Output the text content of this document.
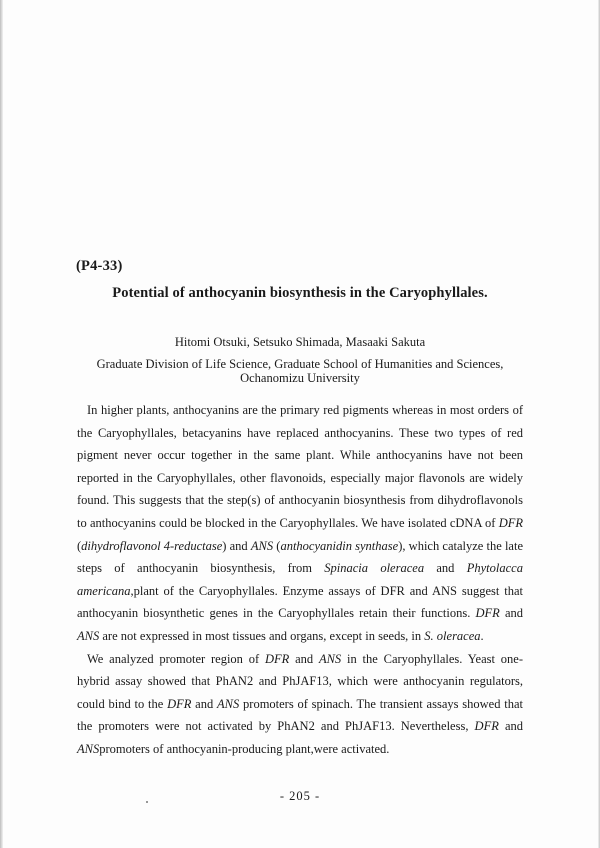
(P4-33)
Potential of anthocyanin biosynthesis in the Caryophyllales.
Hitomi Otsuki, Setsuko Shimada, Masaaki Sakuta
Graduate Division of Life Science, Graduate School of Humanities and Sciences,
Ochanomizu University

In higher plants, anthocyanins are the primary red pigments whereas in most orders of the Caryophyllales, betacyanins have replaced anthocyanins. These two types of red pigment never occur together in the same plant. While anthocyanins have not been reported in the Caryophyllales, other flavonoids, especially major flavonols are widely found. This suggests that the step(s) of anthocyanin biosynthesis from dihydroflavonols to anthocyanins could be blocked in the Caryophyllales. We have isolated cDNA of DFR (dihydroflavonol 4-reductase) and ANS (anthocyanidin synthase), which catalyze the late steps of anthocyanin biosynthesis, from Spinacia oleracea and Phytolacca americana,plant of the Caryophyllales. Enzyme assays of DFR and ANS suggest that anthocyanin biosynthetic genes in the Caryophyllales retain their functions. DFR and ANS are not expressed in most tissues and organs, except in seeds, in S. oleracea.

We analyzed promoter region of DFR and ANS in the Caryophyllales. Yeast one-hybrid assay showed that PhAN2 and PhJAF13, which were anthocyanin regulators, could bind to the DFR and ANS promoters of spinach. The transient assays showed that the promoters were not activated by PhAN2 and PhJAF13. Nevertheless, DFR and ANSpromoters of anthocyanin-producing plant,were activated.

- 205 -
